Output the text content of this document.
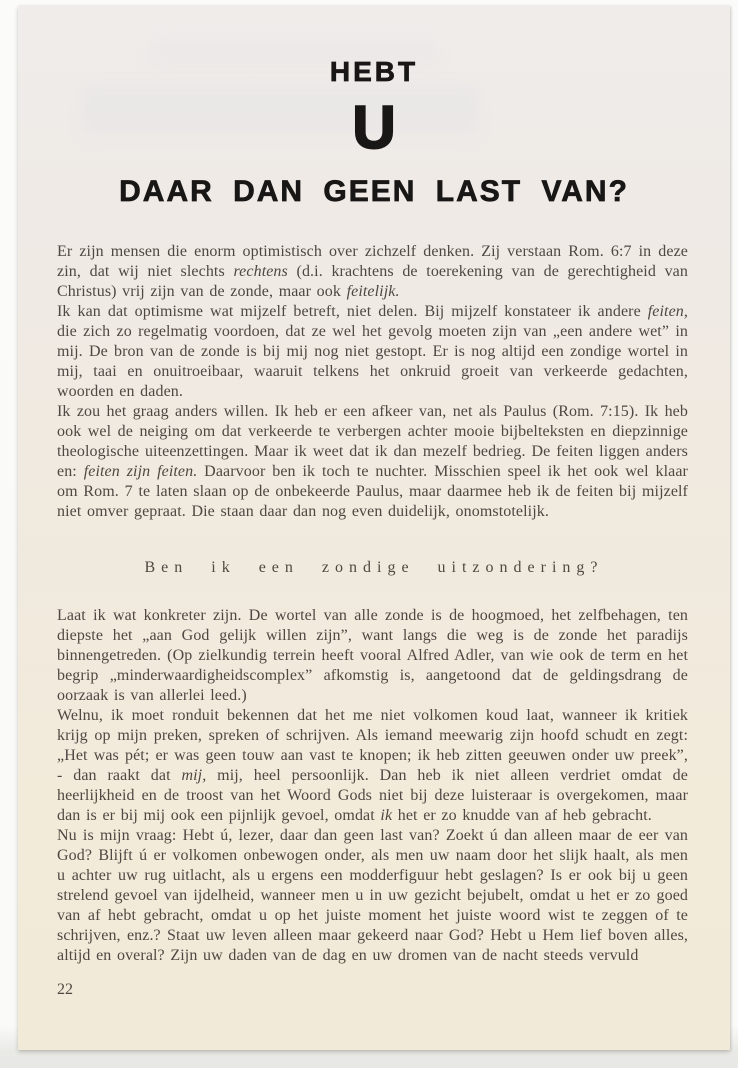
HEBT
U
DAAR DAN GEEN LAST VAN?

Er zijn mensen die enorm optimistisch over zichzelf denken. Zij verstaan Rom. 6:7 in deze zin, dat wij niet slechts rechtens (d.i. krachtens de toerekening van de gerechtigheid van Christus) vrij zijn van de zonde, maar ook feitelijk.

Ik kan dat optimisme wat mijzelf betreft, niet delen. Bij mijzelf konstateer ik andere feiten, die zich zo regelmatig voordoen, dat ze wel het gevolg moeten zijn van „een andere wet” in mij. De bron van de zonde is bij mij nog niet gestopt. Er is nog altijd een zondige wortel in mij, taai en onuitroeibaar, waaruit telkens het onkruid groeit van verkeerde gedachten, woorden en daden.

Ik zou het graag anders willen. Ik heb er een afkeer van, net als Paulus (Rom. 7:15). Ik heb ook wel de neiging om dat verkeerde te verbergen achter mooie bijbelteksten en diepzinnige theologische uiteenzettingen. Maar ik weet dat ik dan mezelf bedrieg. De feiten liggen anders en: feiten zijn feiten. Daarvoor ben ik toch te nuchter. Misschien speel ik het ook wel klaar om Rom. 7 te laten slaan op de onbekeerde Paulus, maar daarmee heb ik de feiten bij mijzelf niet omver gepraat. Die staan daar dan nog even duidelijk, onomstotelijk.

Ben ik een zondige uitzondering?

Laat ik wat konkreter zijn. De wortel van alle zonde is de hoogmoed, het zelfbehagen, ten diepste het „aan God gelijk willen zijn”, want langs die weg is de zonde het paradijs binnengetreden. (Op zielkundig terrein heeft vooral Alfred Adler, van wie ook de term en het begrip „minderwaardigheidscomplex” afkomstig is, aangetoond dat de geldingsdrang de oorzaak is van allerlei leed.)

Welnu, ik moet ronduit bekennen dat het me niet volkomen koud laat, wanneer ik kritiek krijg op mijn preken, spreken of schrijven. Als iemand meewarig zijn hoofd schudt en zegt: „Het was pét; er was geen touw aan vast te knopen; ik heb zitten geeuwen onder uw preek”, - dan raakt dat mij, mij, heel persoonlijk. Dan heb ik niet alleen verdriet omdat de heerlijkheid en de troost van het Woord Gods niet bij deze luisteraar is overgekomen, maar dan is er bij mij ook een pijnlijk gevoel, omdat ik het er zo knudde van af heb gebracht.

Nu is mijn vraag: Hebt ú, lezer, daar dan geen last van? Zoekt ú dan alleen maar de eer van God? Blijft ú er volkomen onbewogen onder, als men uw naam door het slijk haalt, als men u achter uw rug uitlacht, als u ergens een modderfiguur hebt geslagen? Is er ook bij u geen strelend gevoel van ijdelheid, wanneer men u in uw gezicht bejubelt, omdat u het er zo goed van af hebt gebracht, omdat u op het juiste moment het juiste woord wist te zeggen of te schrijven, enz.? Staat uw leven alleen maar gekeerd naar God? Hebt u Hem lief boven alles, altijd en overal? Zijn uw daden van de dag en uw dromen van de nacht steeds vervuld

22
